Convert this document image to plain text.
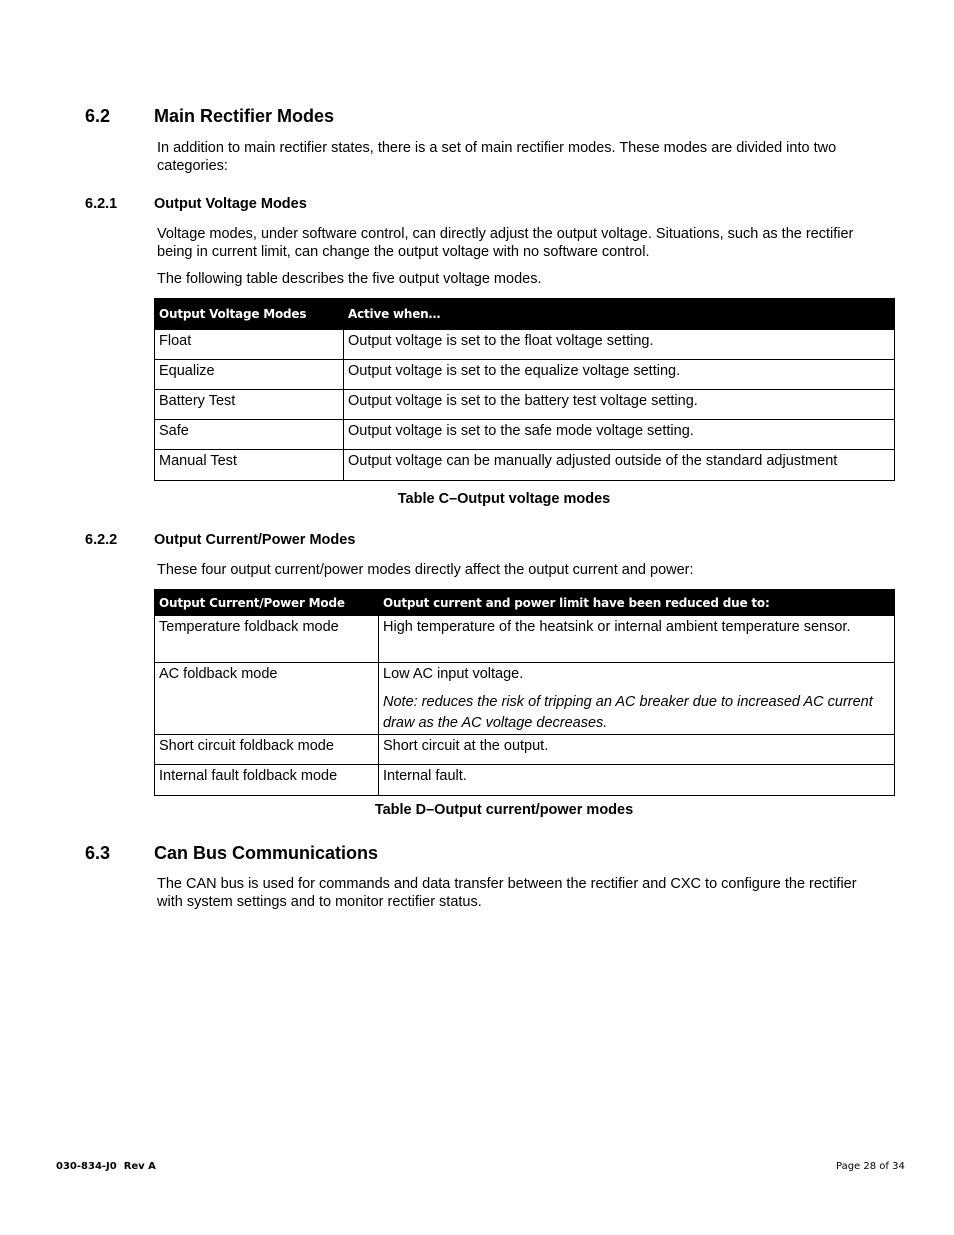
6.2 Main Rectifier Modes
In addition to main rectifier states, there is a set of main rectifier modes. These modes are divided into two categories:
6.2.1	Output Voltage Modes
Voltage modes, under software control, can directly adjust the output voltage. Situations, such as the rectifier being in current limit, can change the output voltage with no software control.
The following table describes the five output voltage modes.
Output Voltage Modes	Active when…
Float	Output voltage is set to the float voltage setting.
Equalize	Output voltage is set to the equalize voltage setting.
Battery Test	Output voltage is set to the battery test voltage setting.
Safe	Output voltage is set to the safe mode voltage setting.
Manual Test	Output voltage can be manually adjusted outside of the standard adjustment
Table C–Output voltage modes
6.2.2	Output Current/Power Modes
These four output current/power modes directly affect the output current and power:
Output Current/Power Mode	Output current and power limit have been reduced due to:
Temperature foldback mode	High temperature of the heatsink or internal ambient temperature sensor.
AC foldback mode	Low AC input voltage.
Note: reduces the risk of tripping an AC breaker due to increased AC current draw as the AC voltage decreases.

Short circuit foldback mode	Short circuit at the output.
Internal fault foldback mode	Internal fault.
Table D–Output current/power modes
6.3 Can Bus Communications
The CAN bus is used for commands and data transfer between the rectifier and CXC to configure the rectifier with system settings and to monitor rectifier status.
030-834-J0  Rev A	Page 28 of 34
